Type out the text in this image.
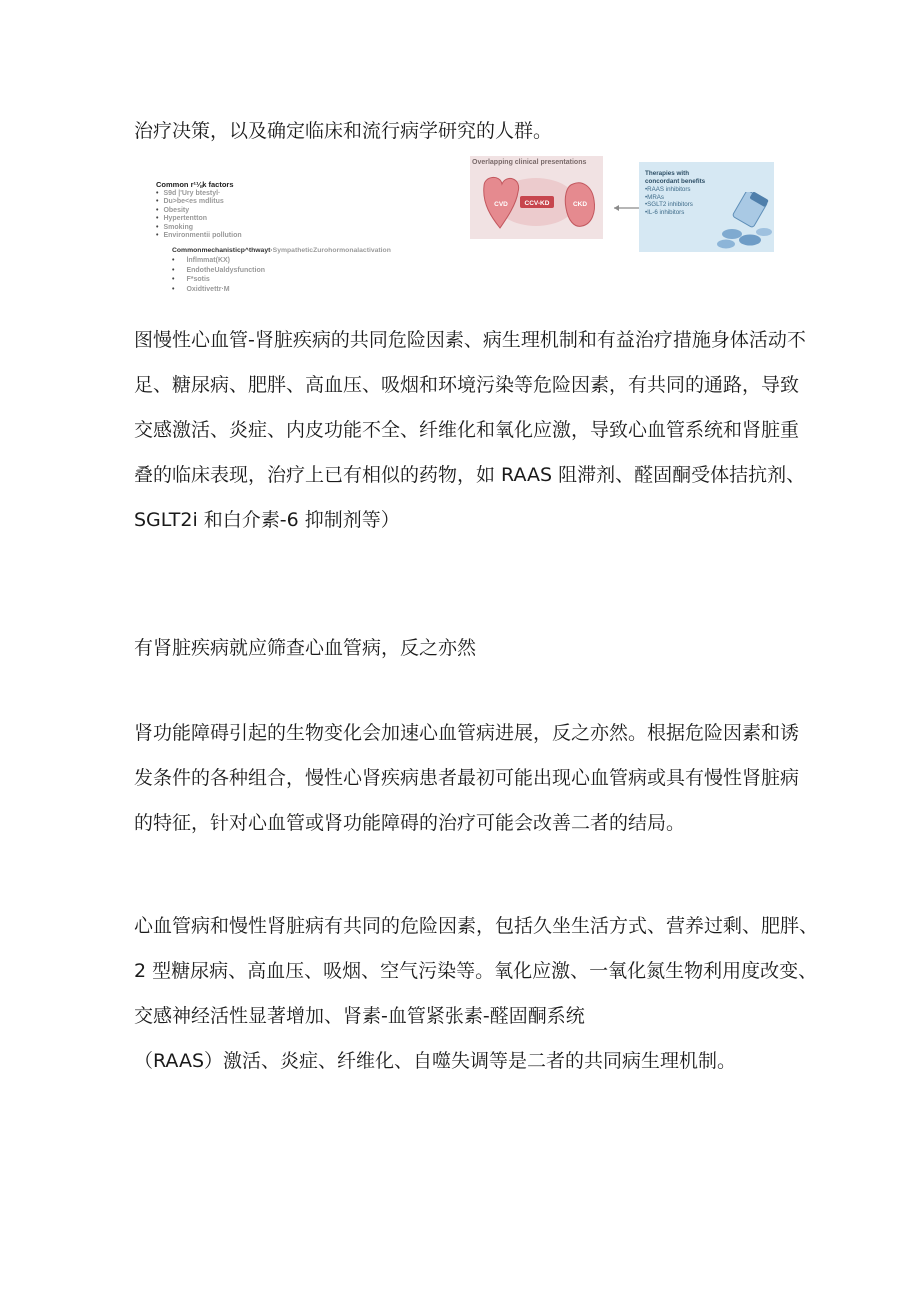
治疗决策，以及确定临床和流行病学研究的人群。

Common r¹⅛k factors

• S9d |'Ury btestyl·
• Du>be<es mdlitus
• Obesity
• Hypertentton
• Smoking
• Environmentii pollution

Commonmechanisticp^thwayt·SympatheticZurohormonalactivation

• lnflmmat(KX)
• EndotheUaldysfunction
• F*sotis
• Oxidtivettr·M
Overlapping clinical presentations
CVD	CCV-KD	CKD

Therapies with
concordant benefits

• RAAS inhibitors
• MRAs
• SGLT2 inhibitors
• IL-6 inhibitors
图慢性心血管-肾脏疾病的共同危险因素、病生理机制和有益治疗措施身体活动不
足、糖尿病、肥胖、高血压、吸烟和环境污染等危险因素，有共同的通路，导致
交感激活、炎症、内皮功能不全、纤维化和氧化应激，导致心血管系统和肾脏重
叠的临床表现，治疗上已有相似的药物，如 RAAS 阻滞剂、醛固酮受体拮抗剂、
SGLT2i 和白介素-6 抑制剂等）

有肾脏疾病就应筛查心血管病，反之亦然

肾功能障碍引起的生物变化会加速心血管病进展，反之亦然。根据危险因素和诱
发条件的各种组合，慢性心肾疾病患者最初可能出现心血管病或具有慢性肾脏病
的特征，针对心血管或肾功能障碍的治疗可能会改善二者的结局。
心血管病和慢性肾脏病有共同的危险因素，包括久坐生活方式、营养过剩、肥胖、
2 型糖尿病、高血压、吸烟、空气污染等。氧化应激、一氧化氮生物利用度改变、
交感神经活性显著增加、肾素-血管紧张素-醛固酮系统
（RAAS）激活、炎症、纤维化、自噬失调等是二者的共同病生理机制。
